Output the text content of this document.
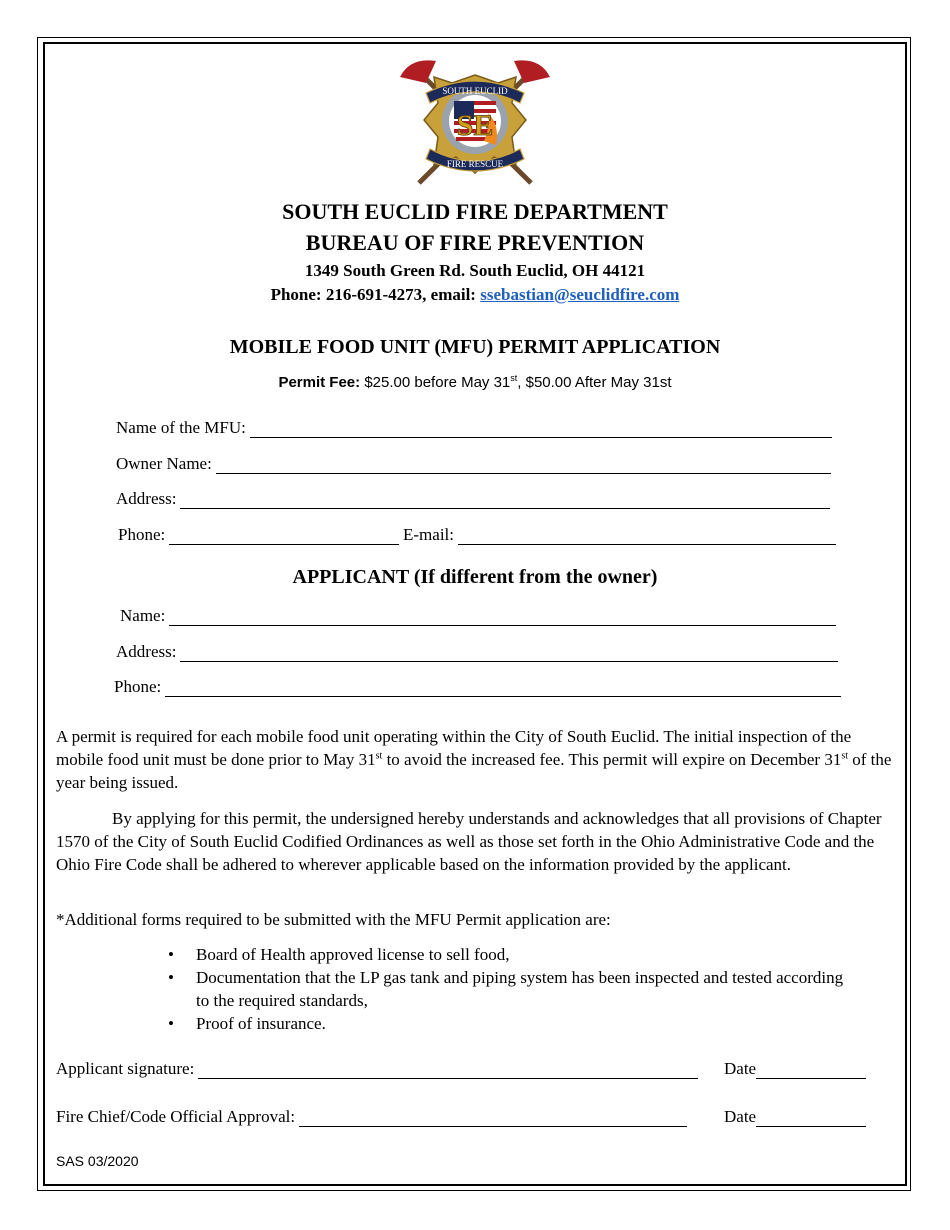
SE
SOUTH EUCLID
FIRE RESCUE
SOUTH EUCLID FIRE DEPARTMENT
BUREAU OF FIRE PREVENTION
1349 South Green Rd. South Euclid, OH 44121
Phone: 216-691-4273, email: ssebastian@seuclidfire.com
MOBILE FOOD UNIT (MFU) PERMIT APPLICATION
Permit Fee: $25.00 before May 31st, $50.00 After May 31st
Name of the MFU:
Owner Name:
Address:
Phone:	E-mail:
APPLICANT (If different from the owner)
Name:
Address:
Phone:
A permit is required for each mobile food unit operating within the City of South Euclid. The initial inspection of the mobile food unit must be done prior to May 31st to avoid the increased fee. This permit will expire on December 31st of the year being issued.
By applying for this permit, the undersigned hereby understands and acknowledges that all provisions of Chapter 1570 of the City of South Euclid Codified Ordinances as well as those set forth in the Ohio Administrative Code and the Ohio Fire Code shall be adhered to wherever applicable based on the information provided by the applicant.
*Additional forms required to be submitted with the MFU Permit application are:
• Board of Health approved license to sell food,
• Documentation that the LP gas tank and piping system has been inspected and tested according to the required standards,
• Proof of insurance.
Applicant signature:	Date
Fire Chief/Code Official Approval:	Date
SAS 03/2020
